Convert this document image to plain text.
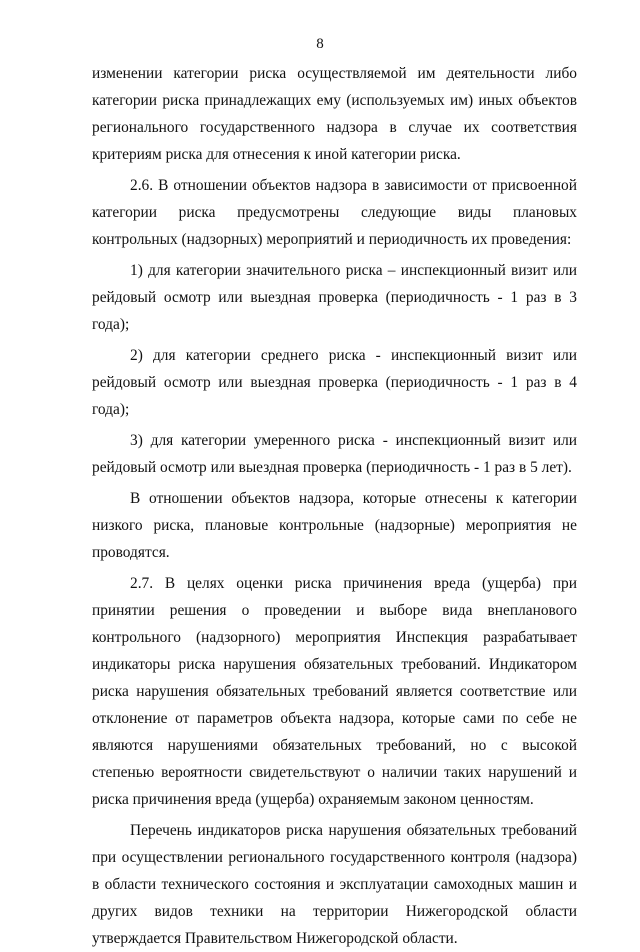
8

изменении категории риска осуществляемой им деятельности либо категории риска принадлежащих ему (используемых им) иных объектов регионального государственного надзора в случае их соответствия критериям риска для отнесения к иной категории риска.

2.6. В отношении объектов надзора в зависимости от присвоенной категории риска предусмотрены следующие виды плановых контрольных (надзорных) мероприятий и периодичность их проведения:

1) для категории значительного риска – инспекционный визит или рейдовый осмотр или выездная проверка (периодичность - 1 раз в 3 года);

2) для категории среднего риска - инспекционный визит или рейдовый осмотр или выездная проверка (периодичность - 1 раз в 4 года);

3) для категории умеренного риска - инспекционный визит или рейдовый осмотр или выездная проверка (периодичность - 1 раз в 5 лет).

В отношении объектов надзора, которые отнесены к категории низкого риска, плановые контрольные (надзорные) мероприятия не проводятся.

2.7. В целях оценки риска причинения вреда (ущерба) при принятии решения о проведении и выборе вида внепланового контрольного (надзорного) мероприятия Инспекция разрабатывает индикаторы риска нарушения обязательных требований. Индикатором риска нарушения обязательных требований является соответствие или отклонение от параметров объекта надзора, которые сами по себе не являются нарушениями обязательных требований, но с высокой степенью вероятности свидетельствуют о наличии таких нарушений и риска причинения вреда (ущерба) охраняемым законом ценностям.

Перечень индикаторов риска нарушения обязательных требований при осуществлении регионального государственного контроля (надзора) в области технического состояния и эксплуатации самоходных машин и других видов техники на территории Нижегородской области утверждается Правительством Нижегородской области.
